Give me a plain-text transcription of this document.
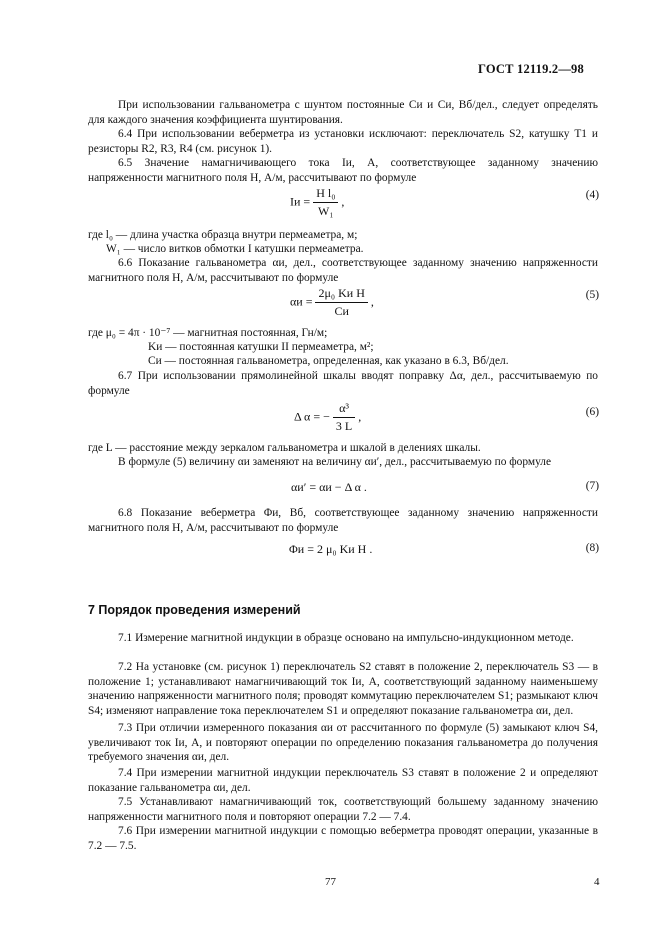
ГОСТ 12119.2—98
При использовании гальванометра с шунтом постоянные Cи и Cи, Вб/дел., следует определять для каждого значения коэффициента шунтирования.
6.4 При использовании веберметра из установки исключают: переключатель S2, катушку T1 и резисторы R2, R3, R4 (см. рисунок 1).
6.5 Значение намагничивающего тока Iи, А, соответствующее заданному значению напряженности магнитного поля H, А/м, рассчитывают по формуле
Iи = $\frac{\text{H l₀}}{\text{W₁}}$ ,	(4)
где l₀ — длина участка образца внутри пермеаметра, м;
W₁ — число витков обмотки I катушки пермеаметра.
6.6 Показание гальванометра αи, дел., соответствующее заданному значению напряженности магнитного поля H, А/м, рассчитывают по формуле
$\alpha и = \frac{\text{2μ₀ Kи H}}{Cи}$ ,	(5)
где μ₀ = 4π · 10⁻⁷ — магнитная постоянная, Гн/м;
Kи — постоянная катушки II пермеаметра, м²;
Cи — постоянная гальванометра, определенная, как указано в 6.3, Вб/дел.
6.7 При использовании прямолинейной шкалы вводят поправку Δα, дел., рассчитываемую по формуле
Δ α = − $\frac{\text{α³}}{3 L}$ ,	(6)
где L — расстояние между зеркалом гальванометра и шкалой в делениях шкалы.
В формуле (5) величину αи заменяют на величину αи′, дел., рассчитываемую по формуле
αи′ = αи − Δ α .	(7)
6.8 Показание веберметра Φи, Вб, соответствующее заданному значению напряженности магнитного поля H, А/м, рассчитывают по формуле
Φи = 2 μ₀ Kи H .	(8)
7 Порядок проведения измерений
7.1 Измерение магнитной индукции в образце основано на импульсно-индукционном методе.
7.2 На установке (см. рисунок 1) переключатель S2 ставят в положение 2, переключатель S3 — в положение 1; устанавливают намагничивающий ток Iи, А, соответствующий заданному наименьшему значению напряженности магнитного поля; проводят коммутацию переключателем S1; размыкают ключ S4; изменяют направление тока переключателем S1 и определяют показание гальванометра αи, дел.
7.3 При отличии измеренного показания αи от рассчитанного по формуле (5) замыкают ключ S4, увеличивают ток Iи, А, и повторяют операции по определению показания гальванометра до получения требуемого значения αи, дел.
7.4 При измерении магнитной индукции переключатель S3 ставят в положение 2 и определяют показание гальванометра αи, дел.
7.5 Устанавливают намагничивающий ток, соответствующий большему заданному значению напряженности магнитного поля и повторяют операции 7.2 — 7.4.
7.6 При измерении магнитной индукции с помощью веберметра проводят операции, указанные в 7.2 — 7.5.
77	4
